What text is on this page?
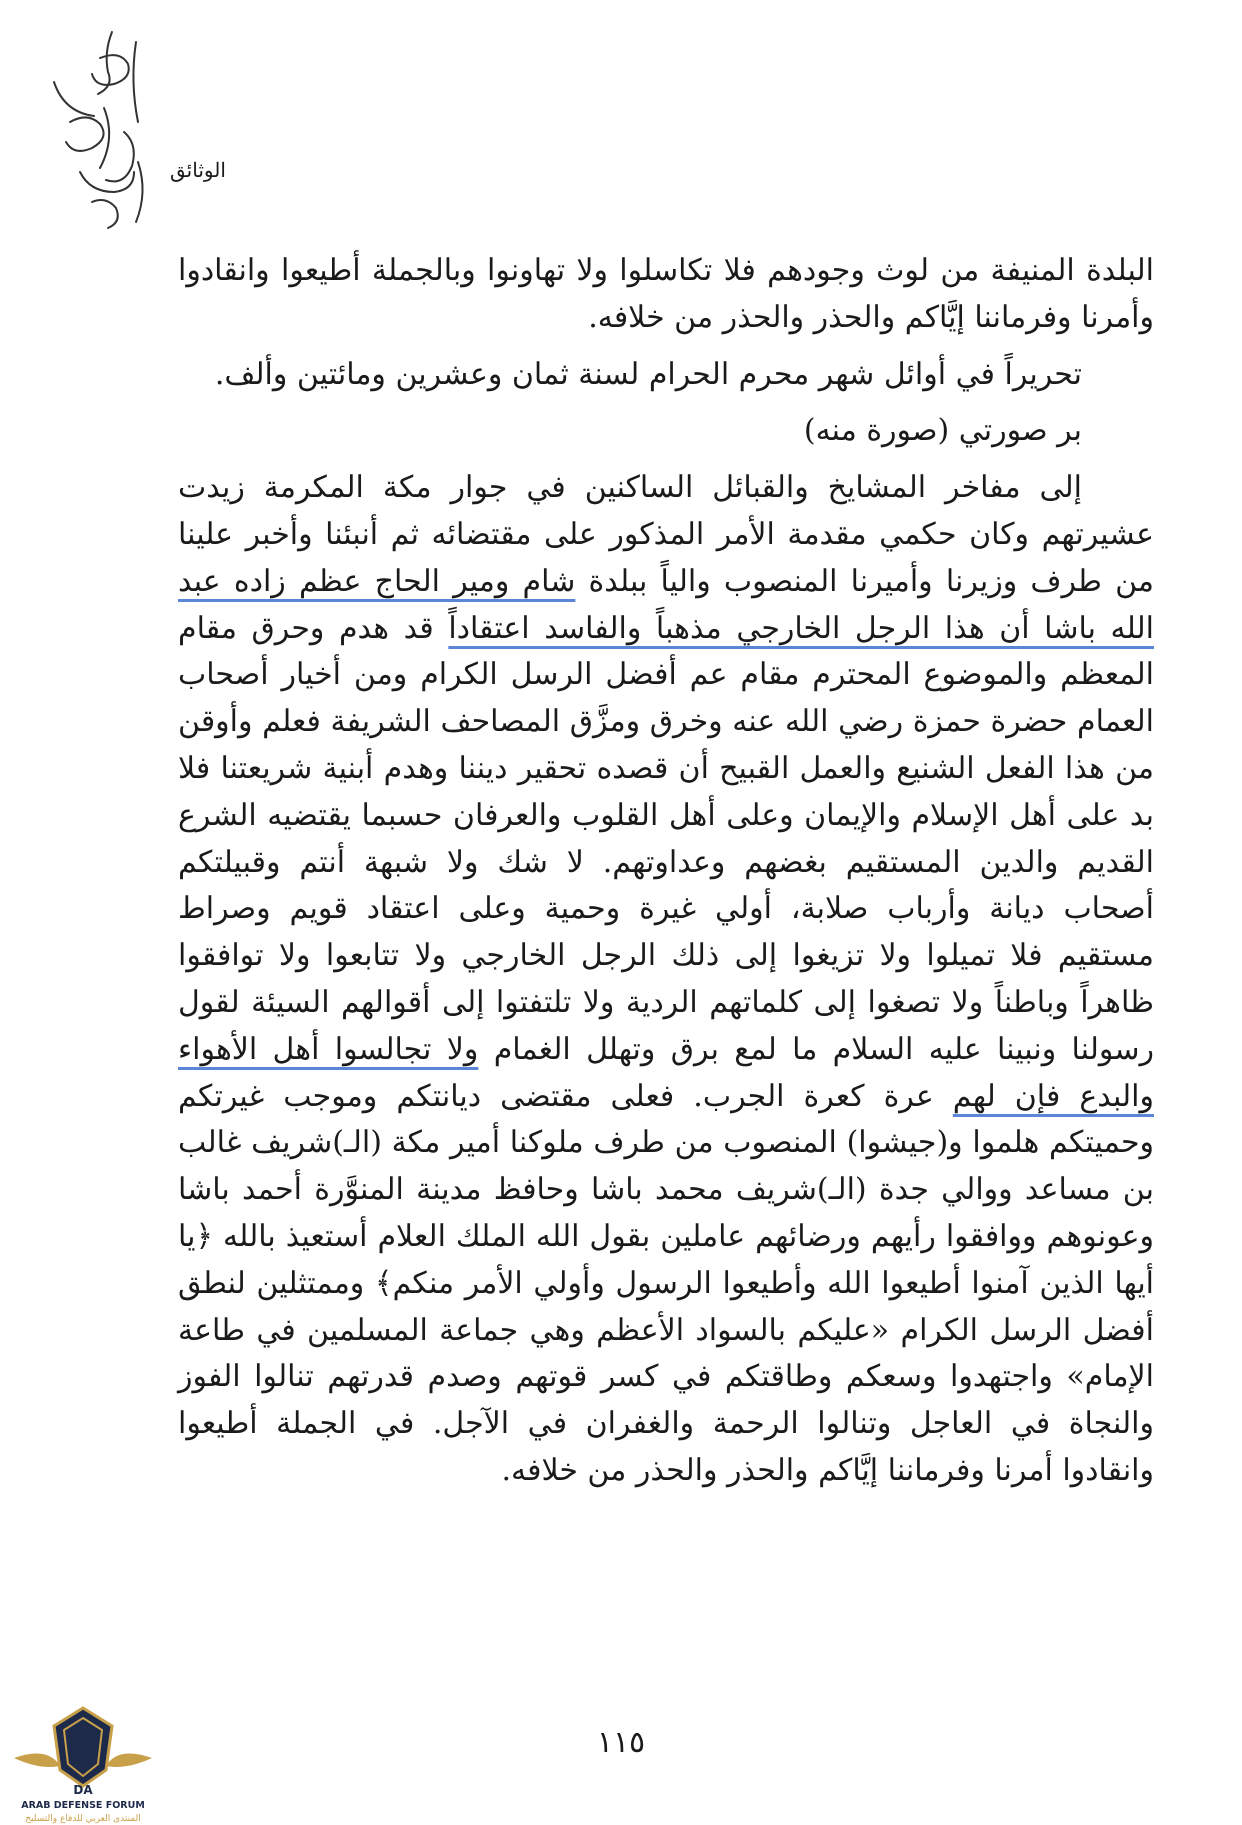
الوثائق

البلدة المنيفة من لوث وجودهم فلا تكاسلوا ولا تهاونوا وبالجملة أطيعوا وانقادوا وأمرنا وفرماننا إيَّاكم والحذر والحذر من خلافه.

تحريراً في أوائل شهر محرم الحرام لسنة ثمان وعشرين ومائتين وألف.

بر صورتي (صورة منه)

إلى مفاخر المشايخ والقبائل الساكنين في جوار مكة المكرمة زيدت عشيرتهم وكان حكمي مقدمة الأمر المذكور على مقتضائه ثم أنبئنا وأخبر علينا من طرف وزيرنا وأميرنا المنصوب والياً ببلدة شام ومير الحاج عظم زاده عبد الله باشا أن هذا الرجل الخارجي مذهباً والفاسد اعتقاداً قد هدم وحرق مقام المعظم والموضوع المحترم مقام عم أفضل الرسل الكرام ومن أخيار أصحاب العمام حضرة حمزة رضي الله عنه وخرق ومزَّق المصاحف الشريفة فعلم وأوقن من هذا الفعل الشنيع والعمل القبيح أن قصده تحقير ديننا وهدم أبنية شريعتنا فلا بد على أهل الإسلام والإيمان وعلى أهل القلوب والعرفان حسبما يقتضيه الشرع القديم والدين المستقيم بغضهم وعداوتهم. لا شك ولا شبهة أنتم وقبيلتكم أصحاب ديانة وأرباب صلابة، أولي غيرة وحمية وعلى اعتقاد قويم وصراط مستقيم فلا تميلوا ولا تزيغوا إلى ذلك الرجل الخارجي ولا تتابعوا ولا توافقوا ظاهراً وباطناً ولا تصغوا إلى كلماتهم الردية ولا تلتفتوا إلى أقوالهم السيئة لقول رسولنا ونبينا عليه السلام ما لمع برق وتهلل الغمام ولا تجالسوا أهل الأهواء والبدع فإن لهم عرة كعرة الجرب. فعلى مقتضى ديانتكم وموجب غيرتكم وحميتكم هلموا و(جيشوا) المنصوب من طرف ملوكنا أمير مكة (الـ)شريف غالب بن مساعد ووالي جدة (الـ)شريف محمد باشا وحافظ مدينة المنوَّرة أحمد باشا وعونوهم ووافقوا رأيهم ورضائهم عاملين بقول الله الملك العلام أستعيذ بالله ﴿يا أيها الذين آمنوا أطيعوا الله وأطيعوا الرسول وأولي الأمر منكم﴾ وممتثلين لنطق أفضل الرسل الكرام «عليكم بالسواد الأعظم وهي جماعة المسلمين في طاعة الإمام» واجتهدوا وسعكم وطاقتكم في كسر قوتهم وصدم قدرتهم تنالوا الفوز والنجاة في العاجل وتنالوا الرحمة والغفران في الآجل. في الجملة أطيعوا وانقادوا أمرنا وفرماننا إيَّاكم والحذر والحذر من خلافه.

١١٥
DA
ARAB DEFENSE FORUM
المنتدى العربي للدفاع والتسليح
